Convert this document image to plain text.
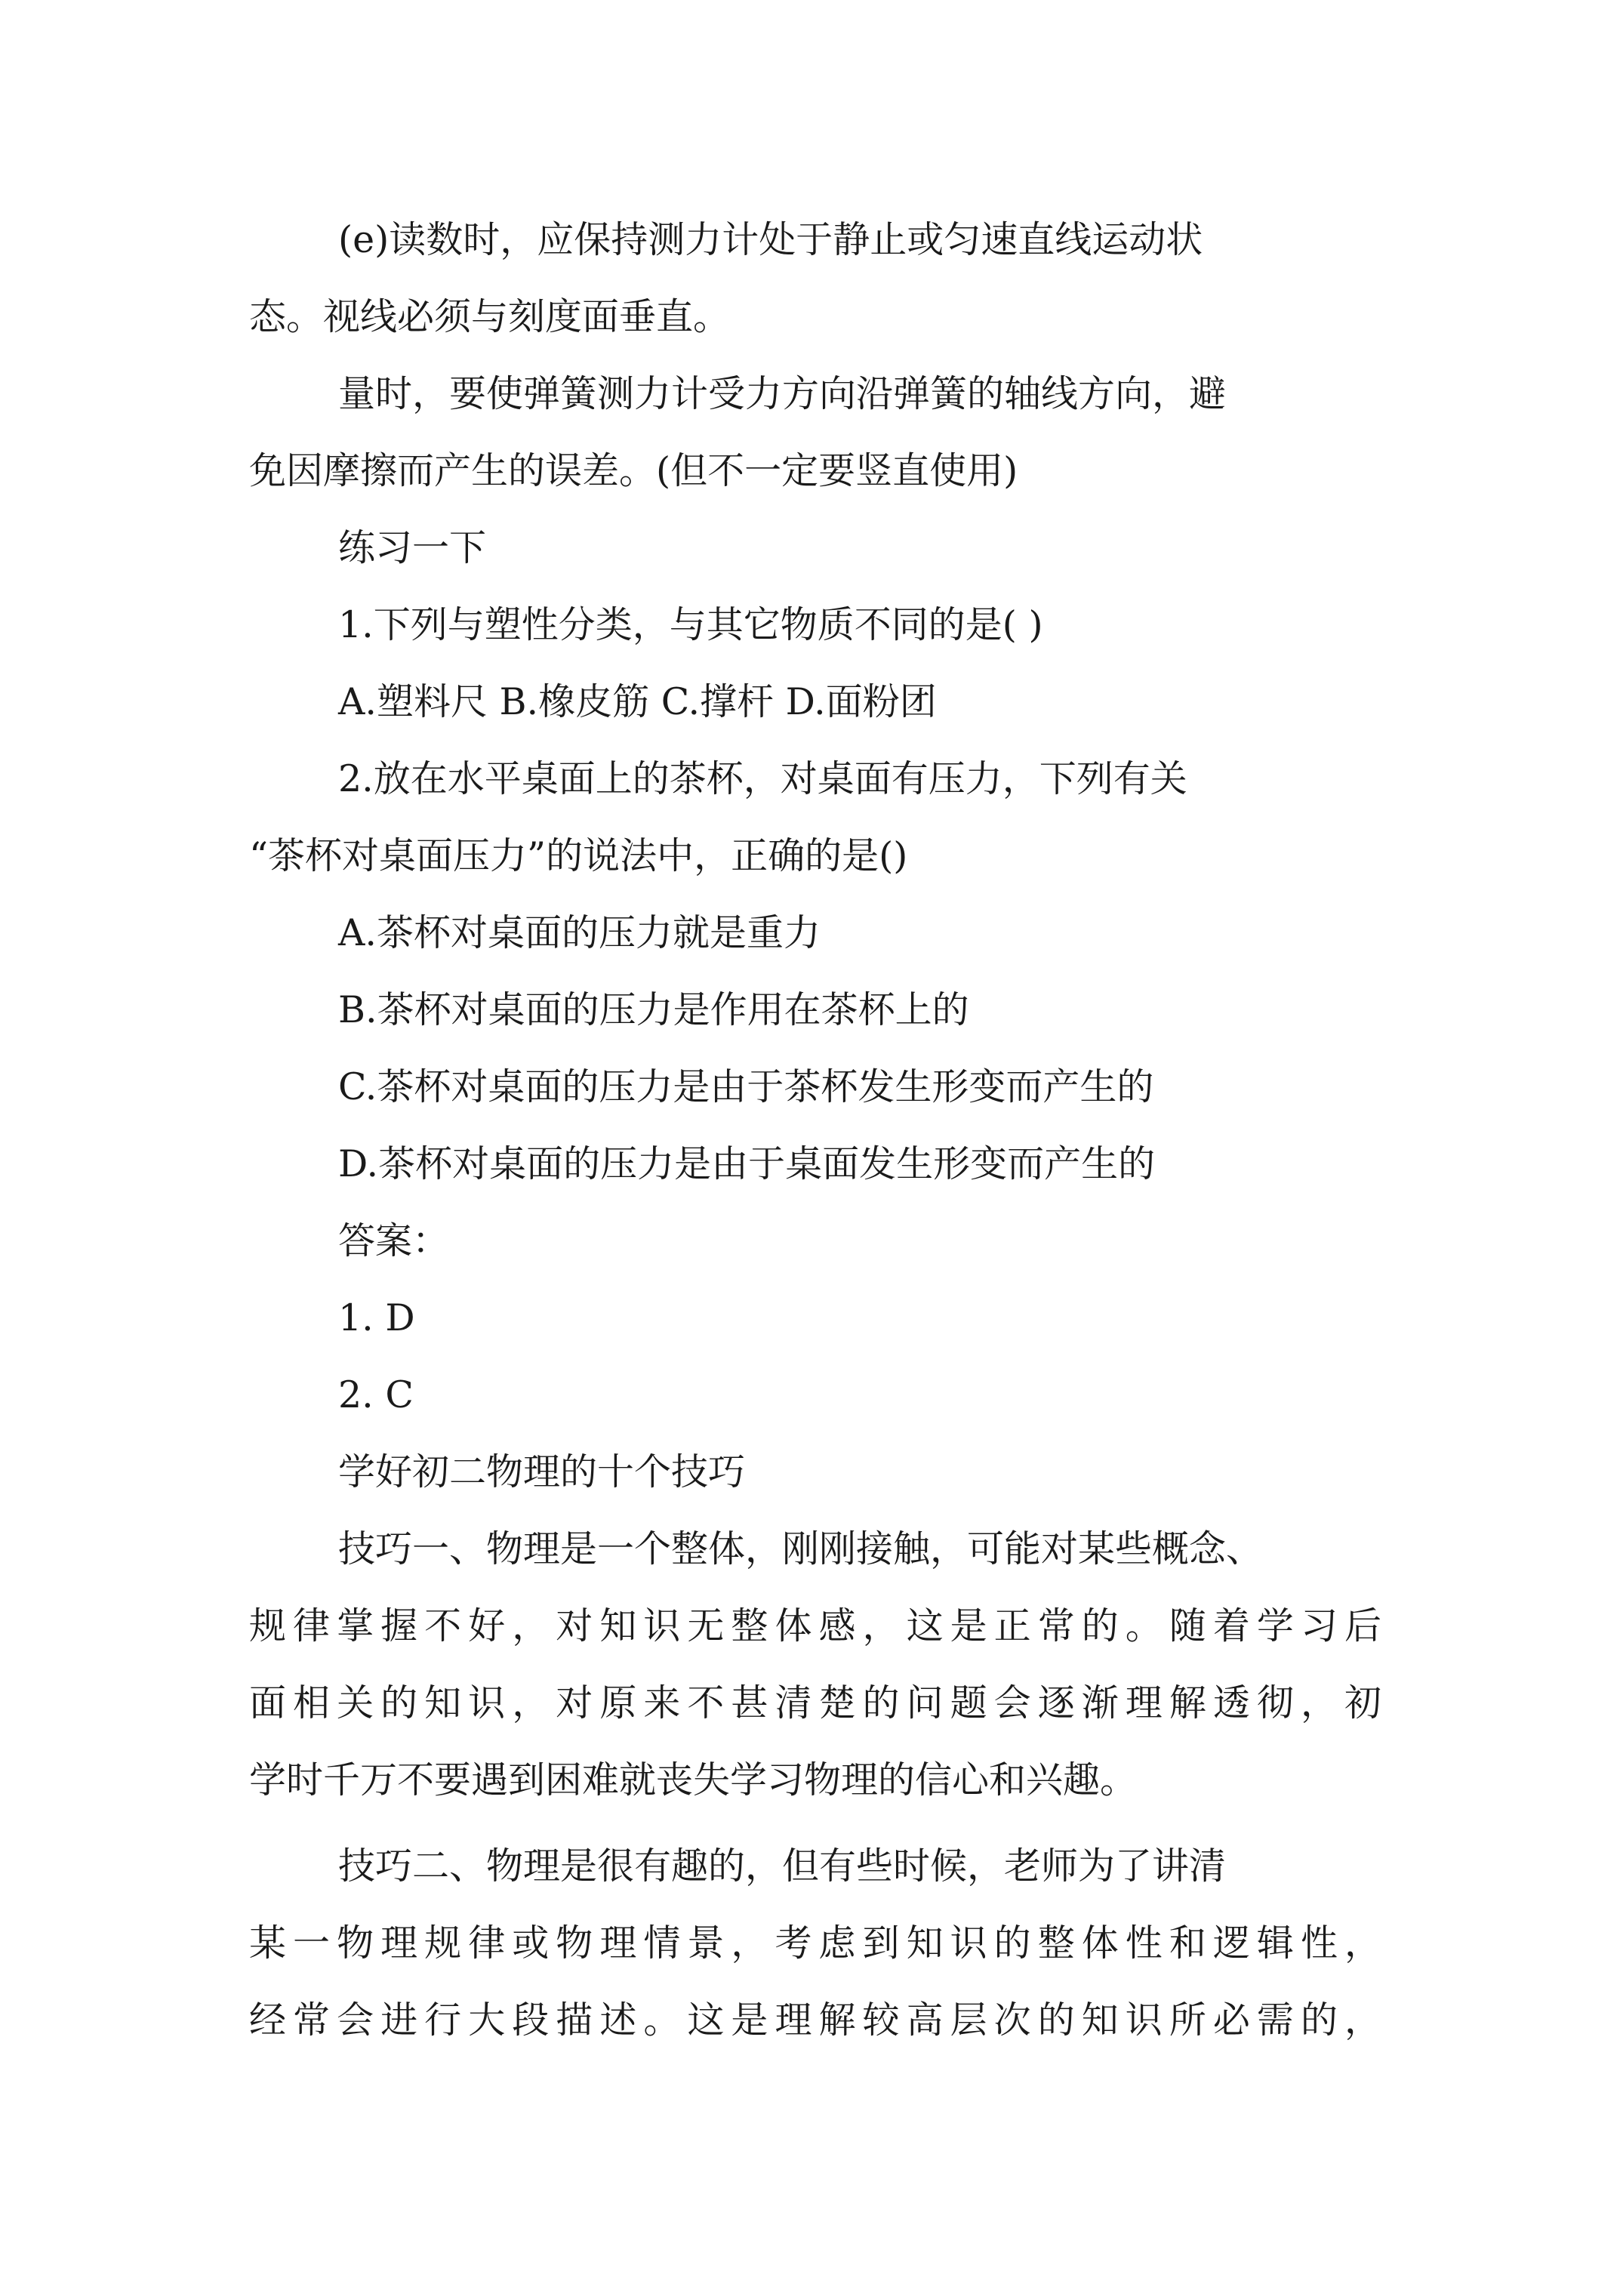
(e)读数时，应保持测力计处于静止或匀速直线运动状
态。视线必须与刻度面垂直。
量时，要使弹簧测力计受力方向沿弹簧的轴线方向，避
免因摩擦而产生的误差。(但不一定要竖直使用)
练习一下
1.下列与塑性分类，与其它物质不同的是( )
A.塑料尺 B.橡皮筋 C.撑杆 D.面粉团
2.放在水平桌面上的茶杯，对桌面有压力，下列有关
“茶杯对桌面压力”的说法中，正确的是()
A.茶杯对桌面的压力就是重力
B.茶杯对桌面的压力是作用在茶杯上的
C.茶杯对桌面的压力是由于茶杯发生形变而产生的
D.茶杯对桌面的压力是由于桌面发生形变而产生的
答案：
1. D
2. C
学好初二物理的十个技巧
技巧一、物理是一个整体，刚刚接触，可能对某些概念、
规律掌握不好，对知识无整体感，这是正常的。随着学习后
面相关的知识，对原来不甚清楚的问题会逐渐理解透彻，初
学时千万不要遇到困难就丧失学习物理的信心和兴趣。
技巧二、物理是很有趣的，但有些时候，老师为了讲清
某一物理规律或物理情景，考虑到知识的整体性和逻辑性，
经常会进行大段描述。这是理解较高层次的知识所必需的，
